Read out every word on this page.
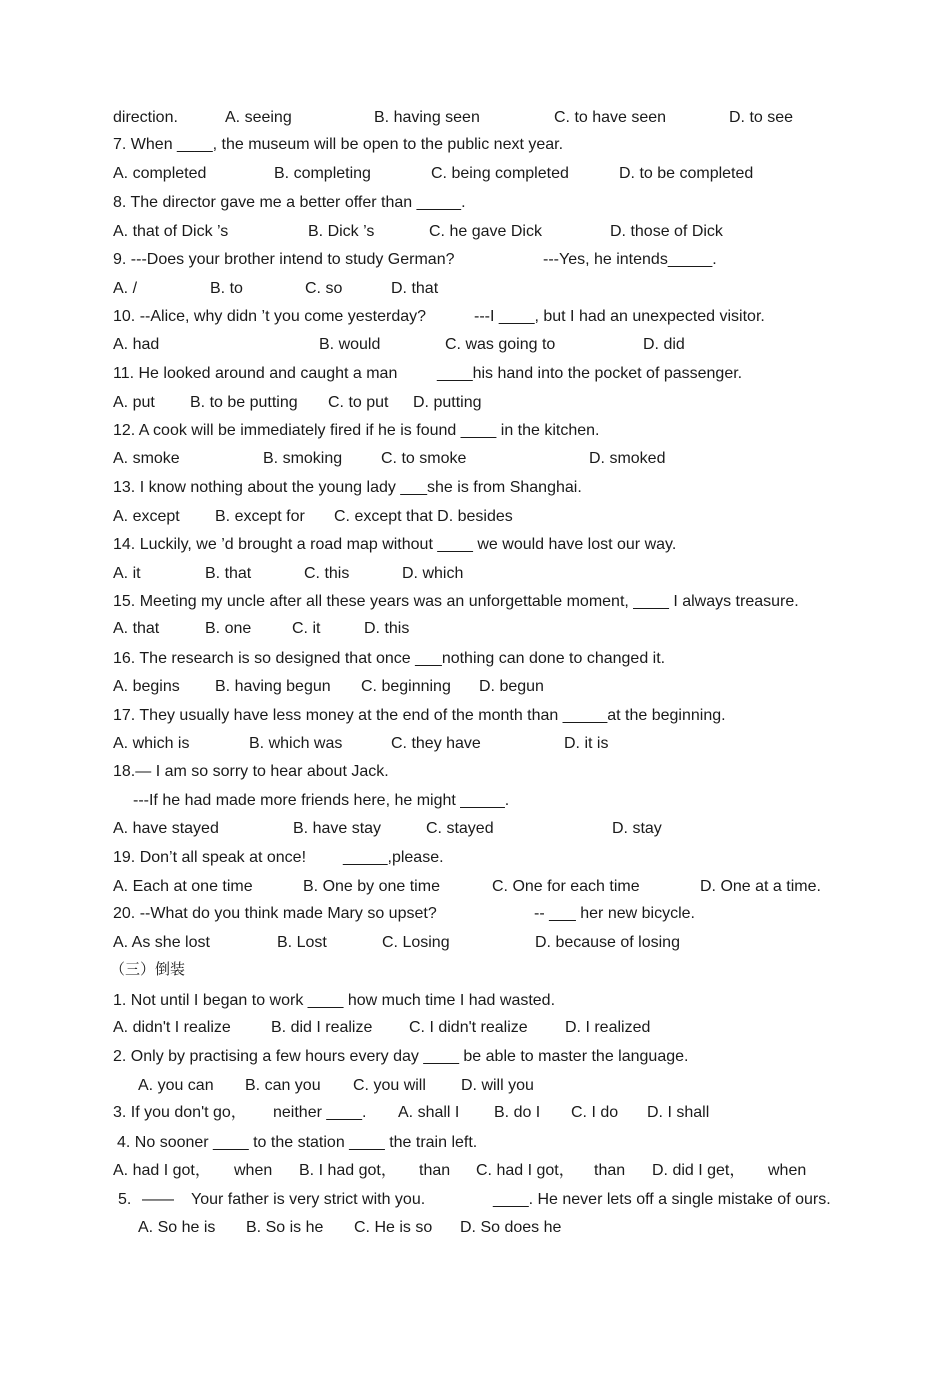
direction.

	A. seeing

	B. having seen

	C. to have seen

	D. to see

7. When ____, the museum will be open to the public next year.

A. completed

	B. completing

	C. being completed

	D. to be completed

8. The director gave me a better offer than _____.

A. that of Dick ’s

	B. Dick ’s

	C. he gave Dick

	D. those of Dick

9. ---Does your brother intend to study German?

	---Yes, he intends_____.

A. /

	B. to

	C. so

	D. that

10. --Alice, why didn ’t you come yesterday?

	---I ____, but I had an unexpected visitor.

A. had

	B. would

	C. was going to

	D. did

11. He looked around and caught a man

____his hand into the pocket of passenger.

A. put

B. to be putting

C. to put

D. putting

12. A cook will be immediately fired if he is found ____ in the kitchen.

A. smoke

	B. smoking

C. to smoke

	D. smoked

13. I know nothing about the young lady ___she is from Shanghai.

A. except

B. except for

C. except that D. besides

14. Luckily, we ’d brought a road map without ____ we would have lost our way.

A. it

	B. that

	C. this

	D. which

15. Meeting my uncle after all these years was an unforgettable moment, ____ I always treasure.

A. that

	B. one

	C. it

	D. this

16. The research is so designed that once ___nothing can done to changed it.

A. begins

B. having begun

C. beginning

D. begun

17. They usually have less money at the end of the month than _____at the beginning.

A. which is

	B. which was

	C. they have

	D. it is

18.— I am so sorry to hear about Jack.

---If he had made more friends here, he might _____.

A. have stayed

	B. have stay

	C. stayed

	D. stay

19. Don’t all speak at once!

_____,please.

A. Each at one time

	B. One by one time

	C. One for each time

	D. One at a time.

20. --What do you think made Mary so upset?

	-- ___ her new bicycle.

A. As she lost

	B. Lost

	C. Losing

	D. because of losing

（三）倒装

1. Not until I began to work ____ how much time I had wasted.

A. didn't I realize

	B. did I realize

C. I didn't realize

D. I realized

2. Only by practising a few hours every day ____ be able to master the language.

A. you can

B. can you

C. you will

D. will you

3. If you don't go，

neither ____.

A. shall I

B. do I

C. I do

D. I shall

4. No sooner ____ to the station ____ the train left.

A. had I got，

when

B. I had got，

than

C. had I got，

than

D. did I get，

when

5.

——

Your father is very strict with you.

	____. He never lets off a single mistake of ours.

A. So he is

B. So is he

C. He is so

D. So does he
